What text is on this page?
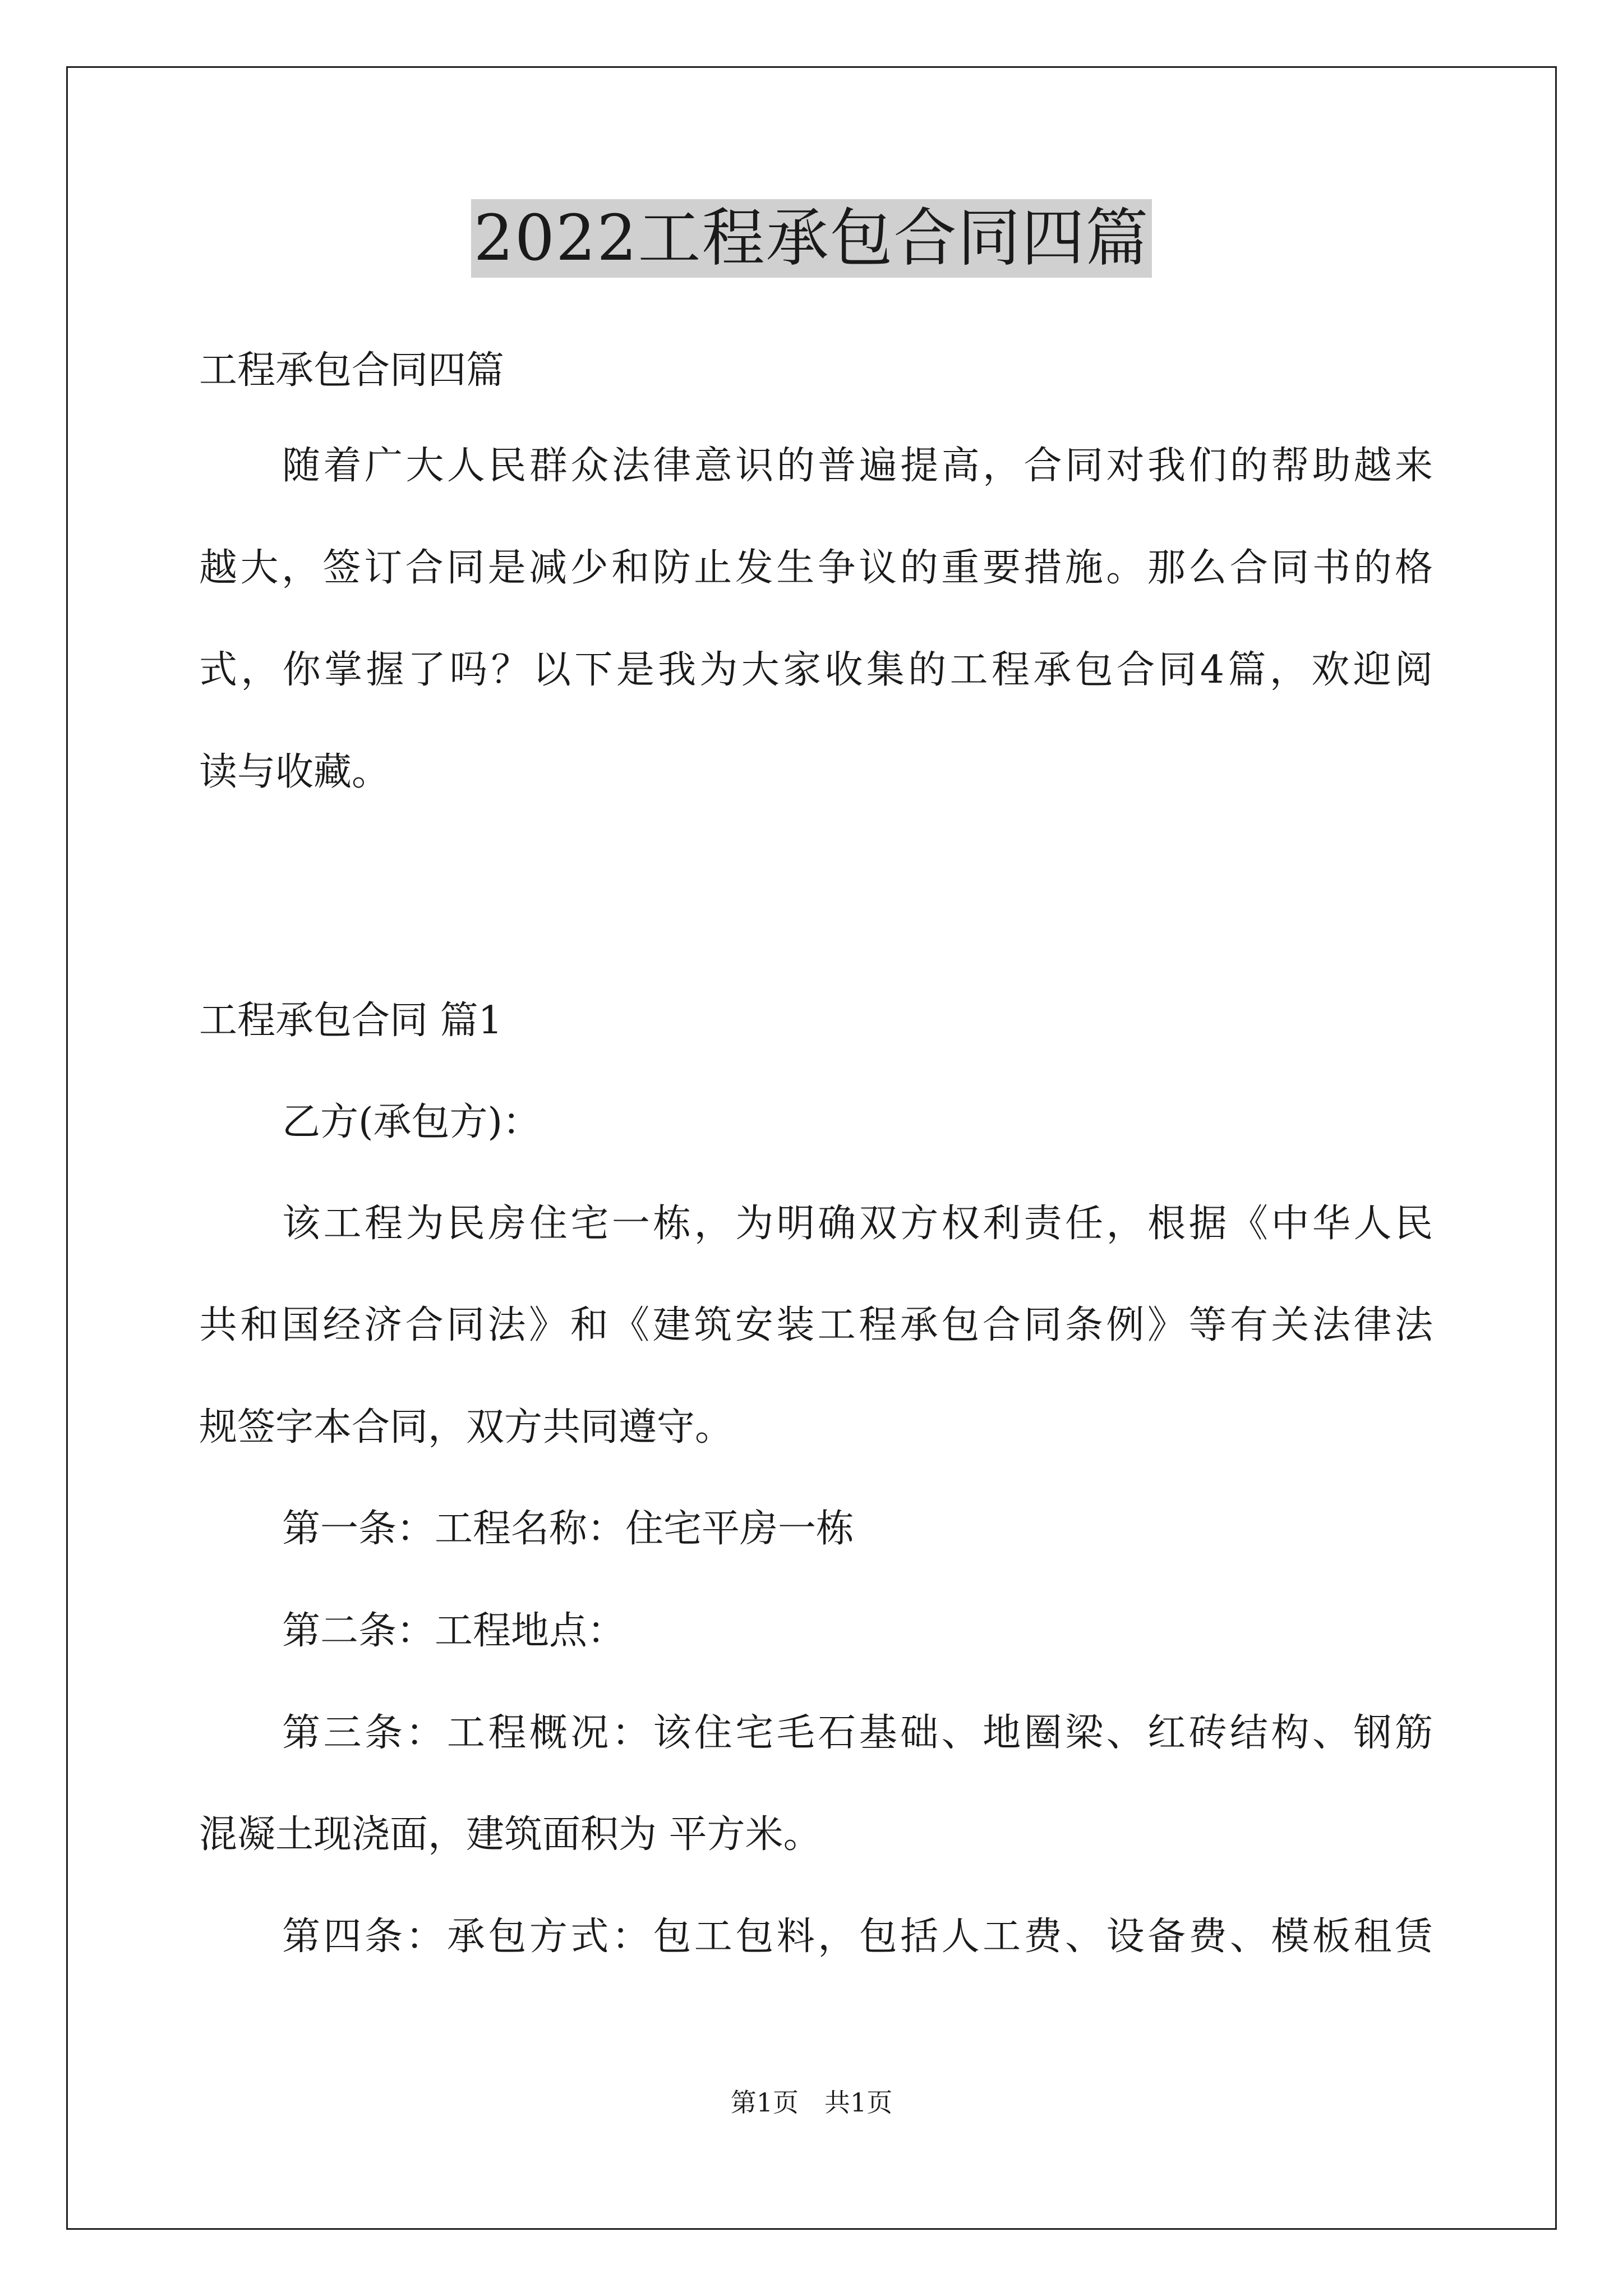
2022工程承包合同四篇
工程承包合同四篇
随着广大人民群众法律意识的普遍提高，合同对我们的帮助越来
越大，签订合同是减少和防止发生争议的重要措施。那么合同书的格
式，你掌握了吗？以下是我为大家收集的工程承包合同4篇，欢迎阅
读与收藏。
工程承包合同 篇1
乙方(承包方)：
该工程为民房住宅一栋，为明确双方权利责任，根据《中华人民
共和国经济合同法》和《建筑安装工程承包合同条例》等有关法律法
规签字本合同，双方共同遵守。
第一条：工程名称：住宅平房一栋
第二条：工程地点：
第三条：工程概况：该住宅毛石基础、地圈梁、红砖结构、钢筋
混凝土现浇面，建筑面积为 平方米。
第四条：承包方式：包工包料，包括人工费、设备费、模板租赁
第1页　共1页
